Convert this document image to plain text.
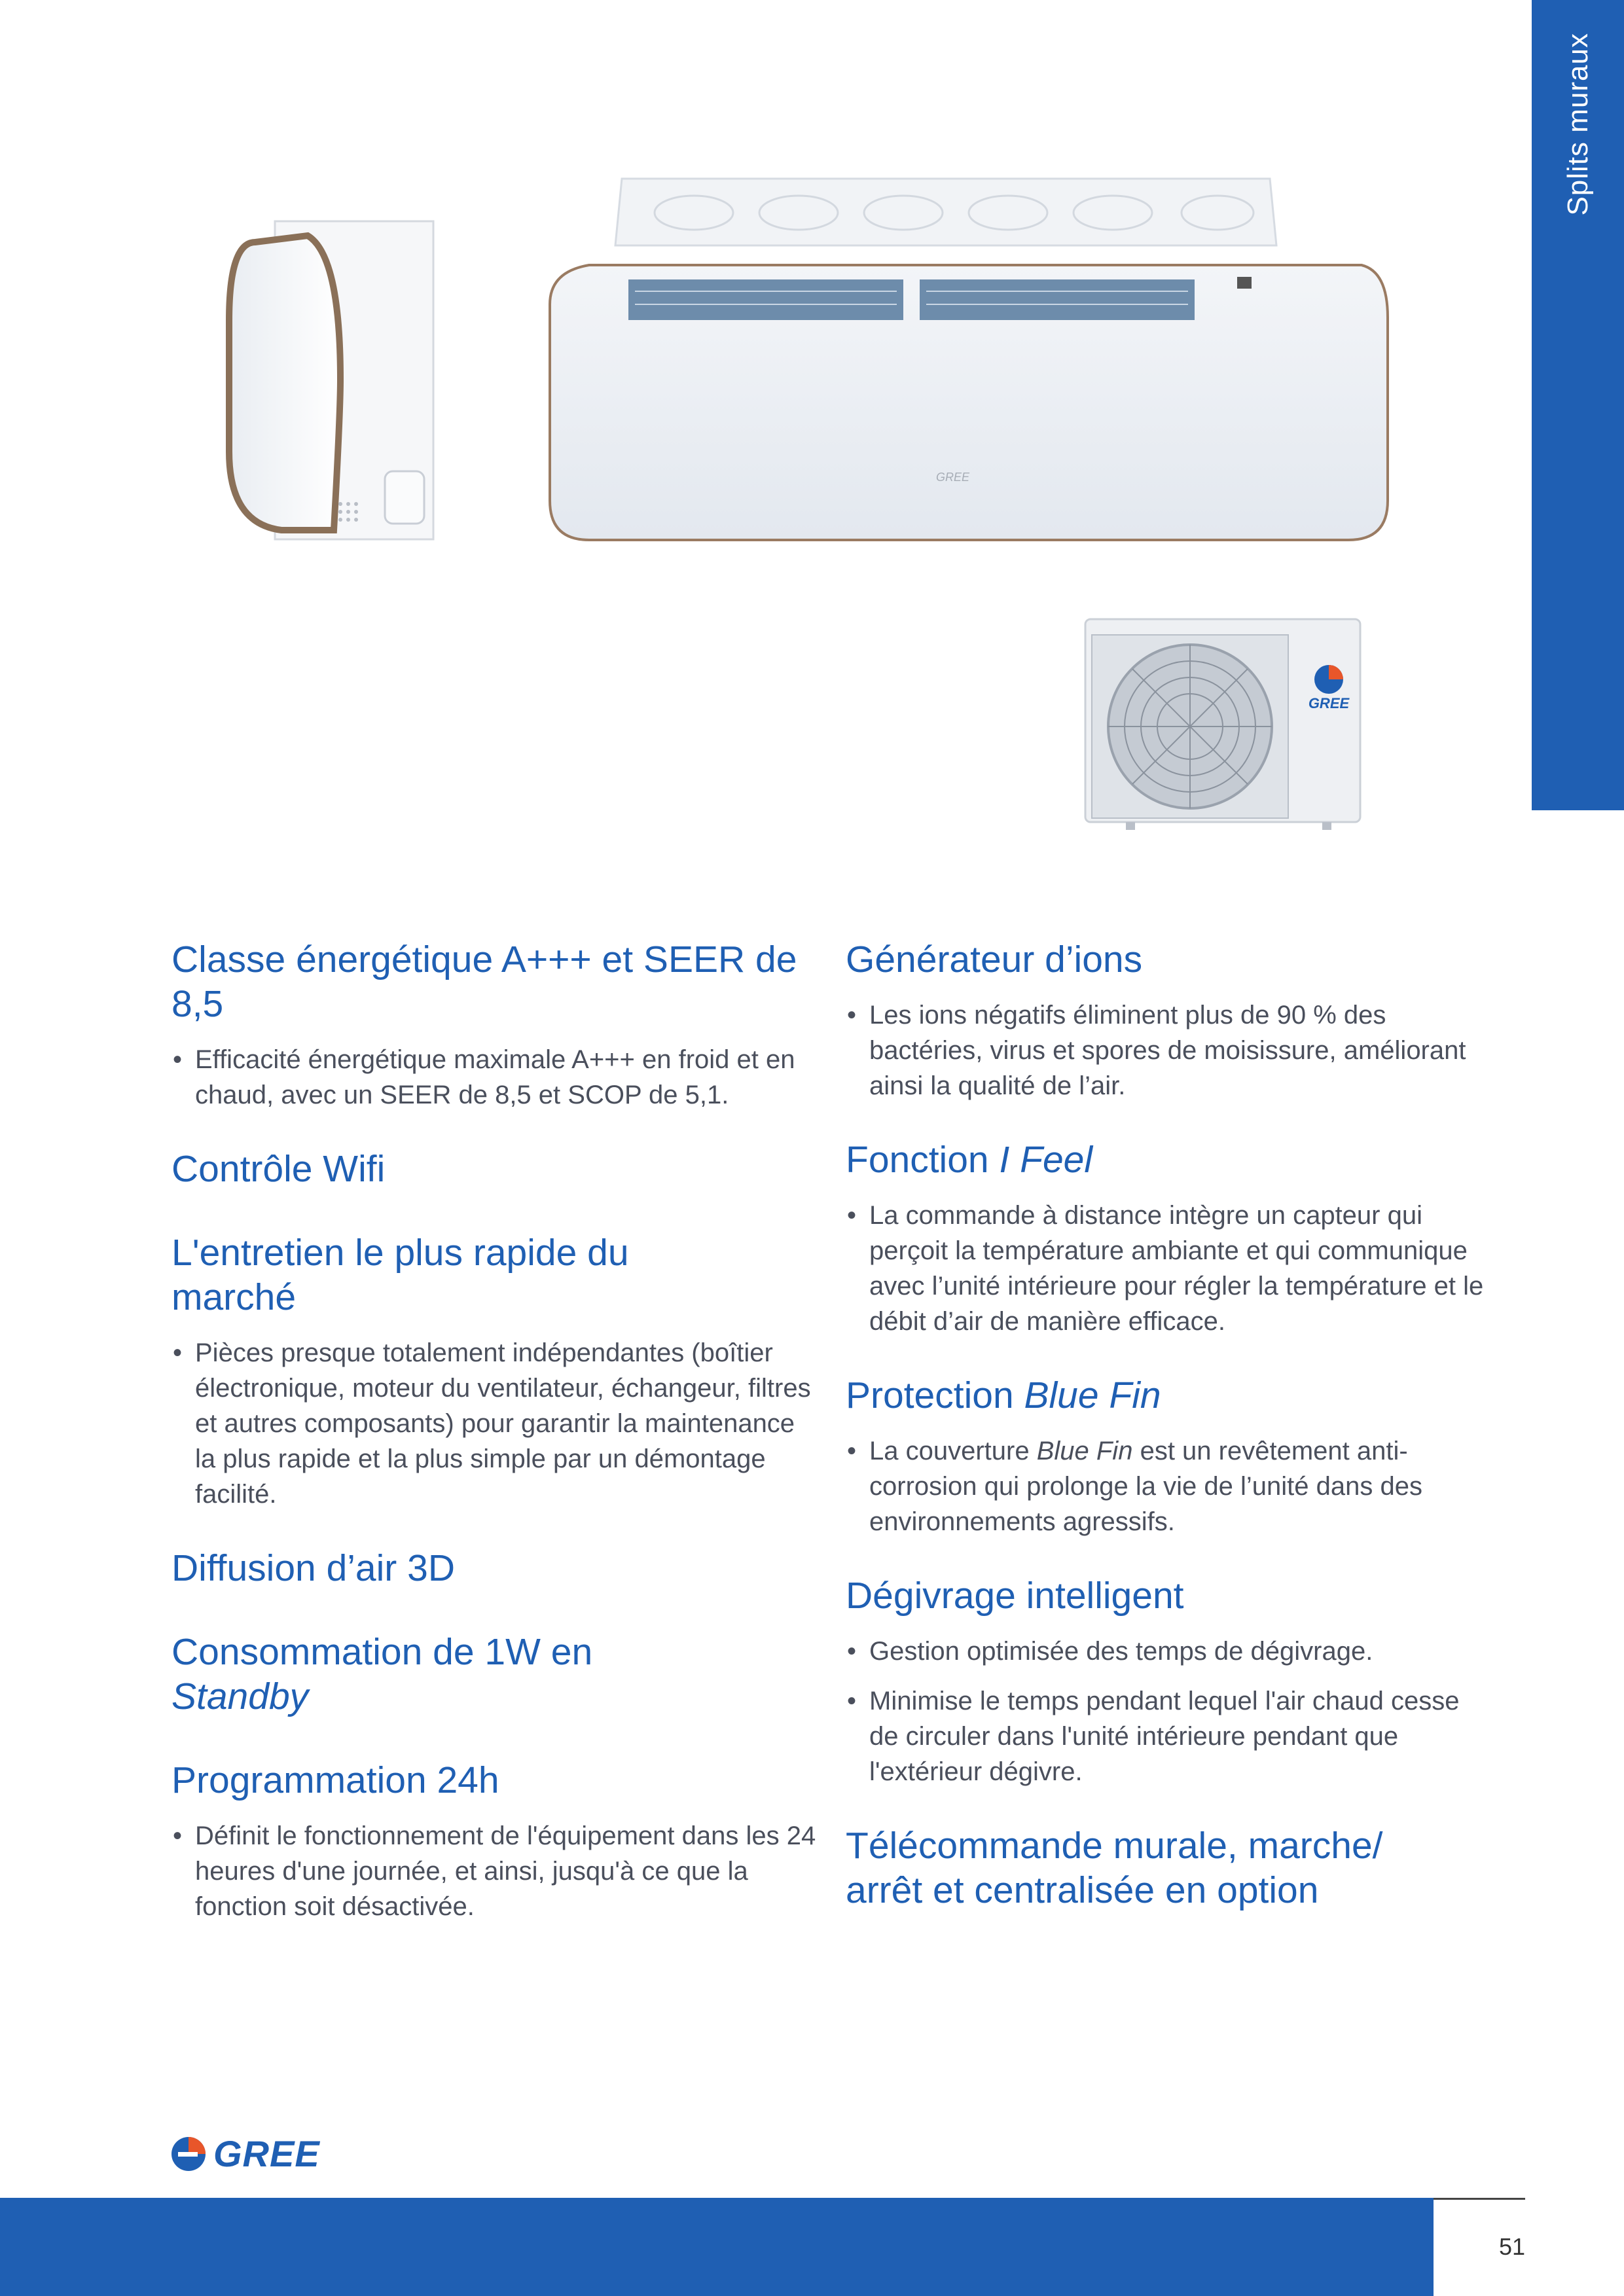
Splits muraux
GREE
GREE
Classe énergétique A+++ et SEER de 8,5
• Efficacité énergétique maximale A+++ en froid et en chaud, avec un SEER de 8,5 et SCOP de 5,1.
Contrôle Wifi
L'entretien le plus rapide du marché
• Pièces presque totalement indépendantes (boîtier électronique, moteur du ventilateur, échangeur, filtres et autres composants) pour garantir la maintenance la plus rapide et la plus simple par un démontage facilité.
Diffusion d’air 3D
Consommation de 1W en
Standby
Programmation 24h
• Définit le fonctionnement de l'équipement dans les 24 heures d'une journée, et ainsi, jusqu'à ce que la fonction soit désactivée.
Générateur d’ions
• Les ions négatifs éliminent plus de 90 % des bactéries, virus et spores de moisissure, améliorant ainsi la qualité de l’air.
Fonction I Feel
• La commande à distance intègre un capteur qui perçoit la température ambiante et qui communique avec l’unité intérieure pour régler la température et le débit d’air de manière efficace.
Protection Blue Fin
• La couverture Blue Fin est un revêtement anti-corrosion qui prolonge la vie de l’unité dans des environnements agressifs.
Dégivrage intelligent
• Gestion optimisée des temps de dégivrage.
• Minimise le temps pendant lequel l'air chaud cesse de circuler dans l'unité intérieure pendant que l'extérieur dégivre.
Télécommande murale, marche/ arrêt et centralisée en option
GREE
51
